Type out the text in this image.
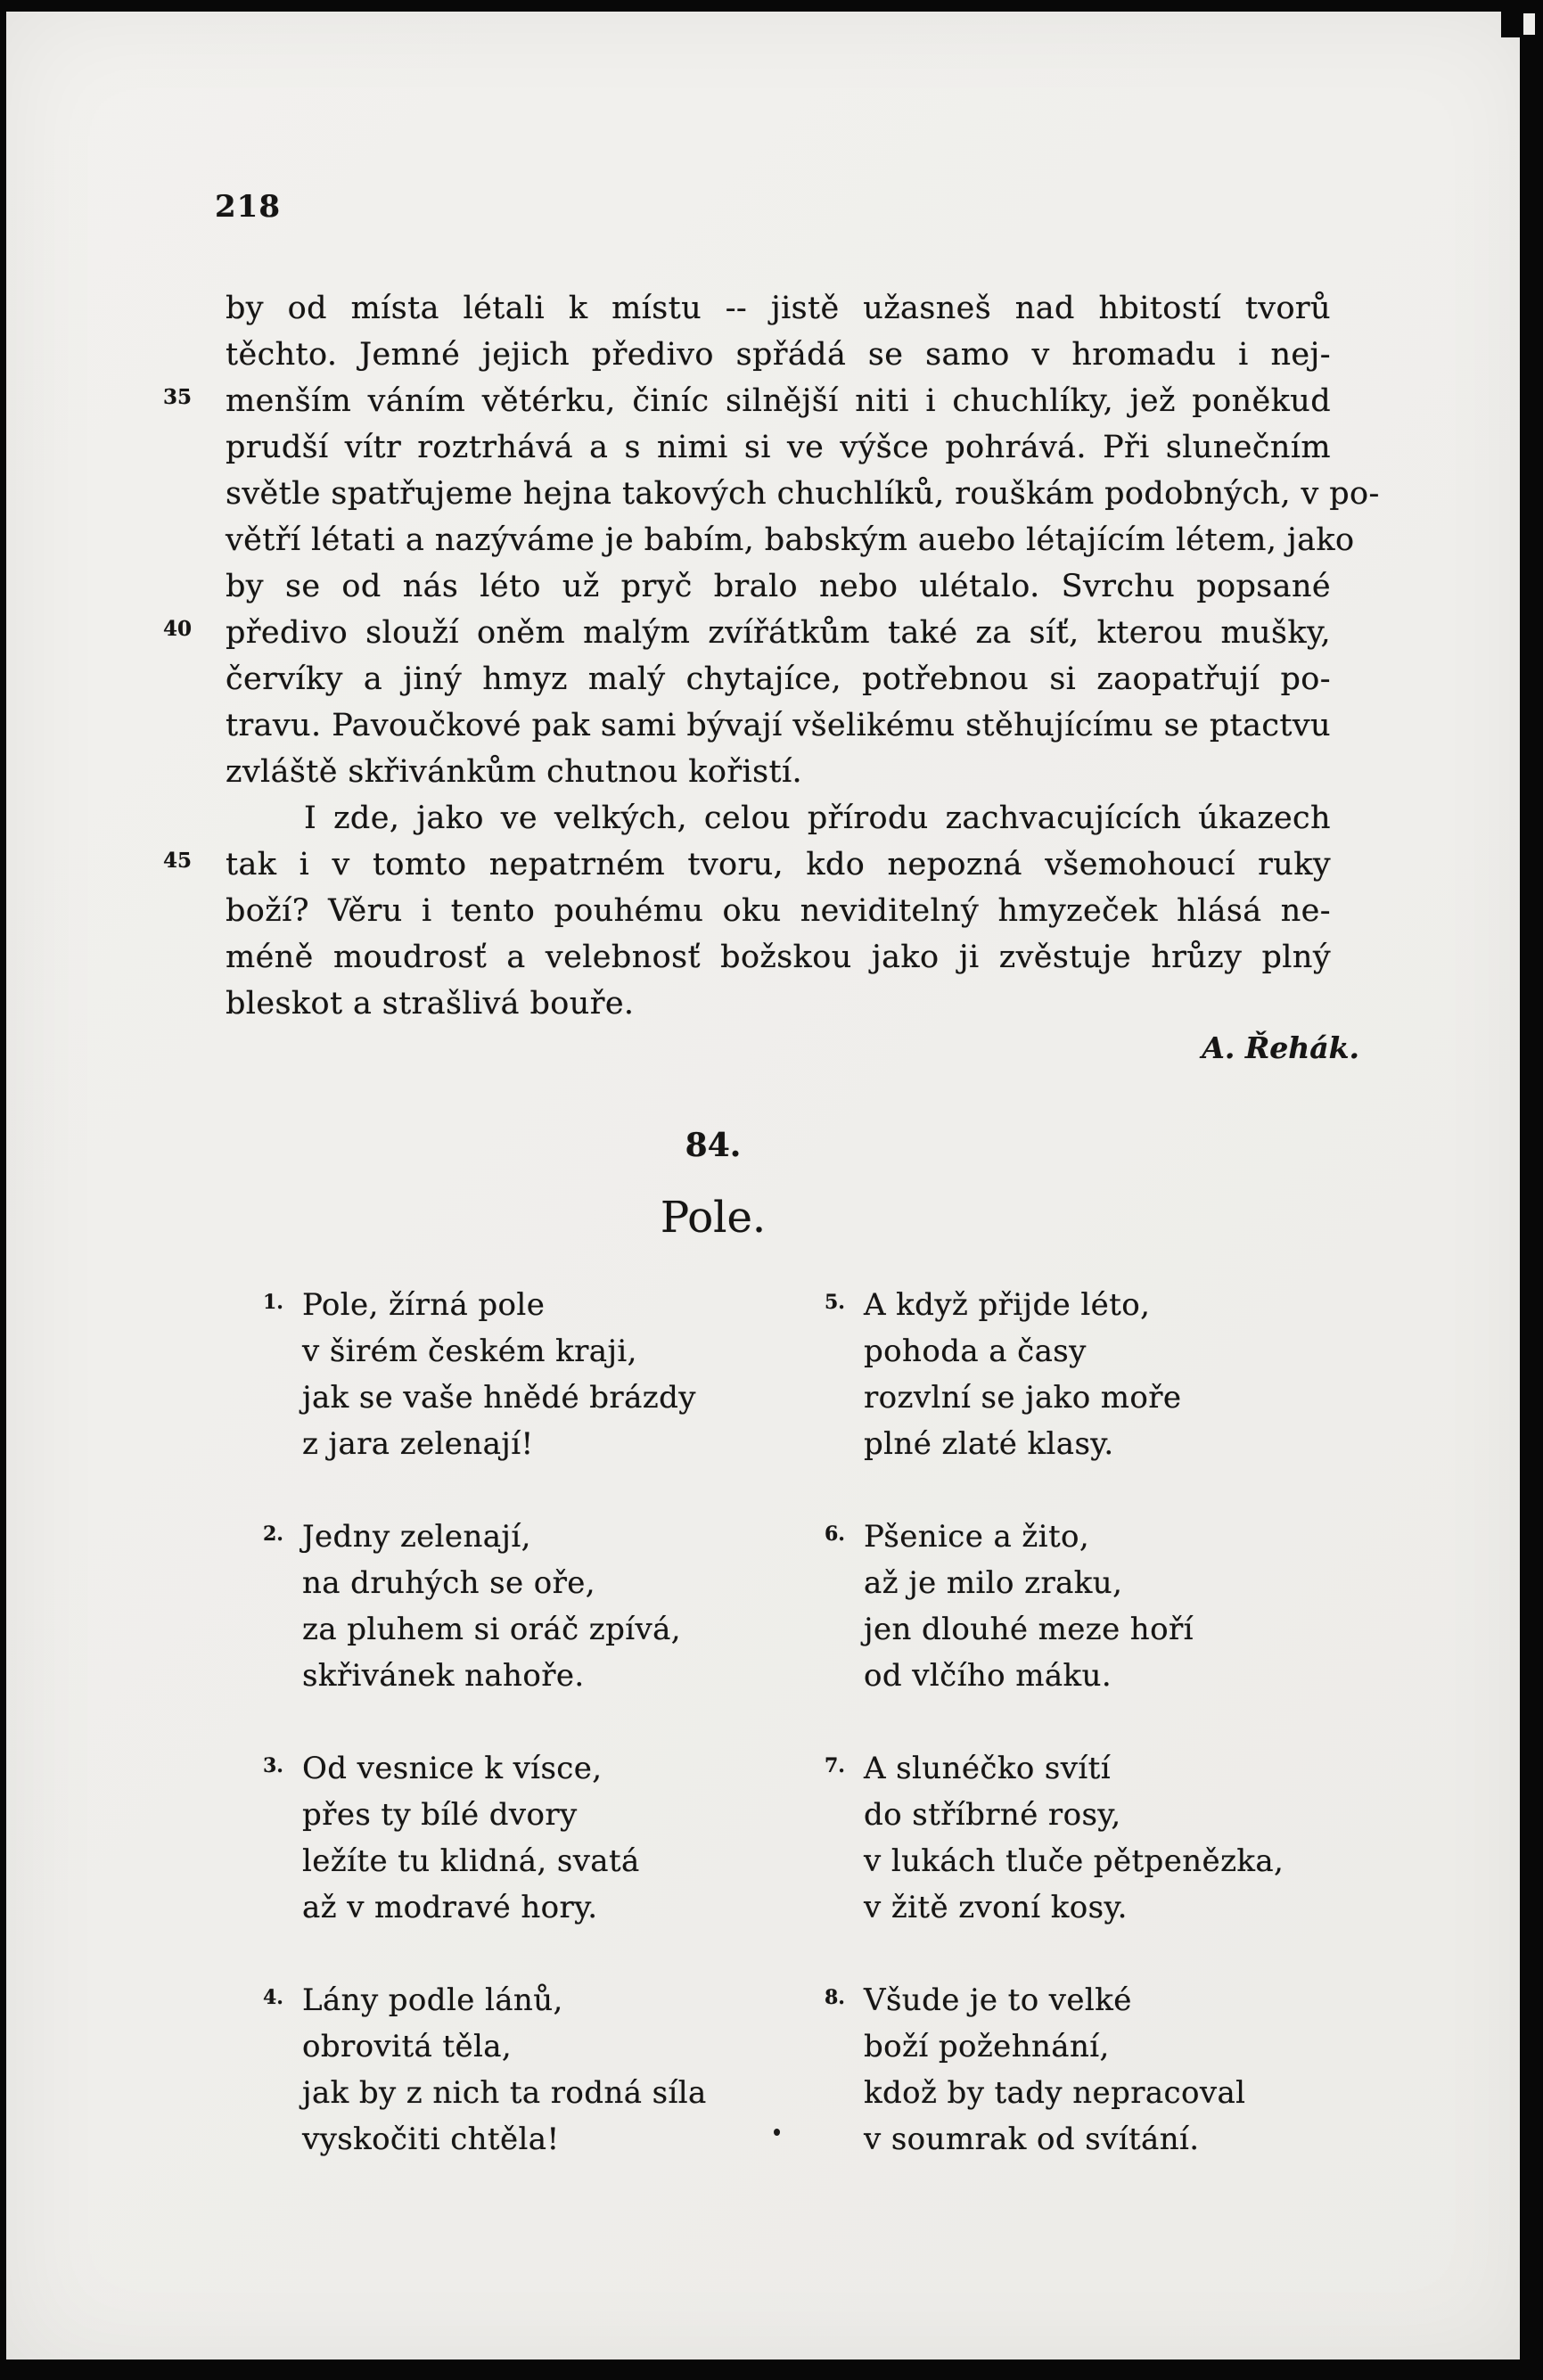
218
by od místa létali k místu -- jistě užasneš nad hbitostí tvorů
těchto. Jemné jejich předivo spřádá se samo v hromadu i nej-
35 menším váním větérku, činíc silnější niti i chuchlíky, jež poněkud
prudší vítr roztrhává a s nimi si ve výšce pohrává. Při slunečním
světle spatřujeme hejna takových chuchlíků, rouškám podobných, v po-
větří létati a nazýváme je babím, babským auebo létajícím létem, jako
by se od nás léto už pryč bralo nebo ulétalo. Svrchu popsané
40 předivo slouží oněm malým zvířátkům také za síť, kterou mušky,
červíky a jiný hmyz malý chytajíce, potřebnou si zaopatřují po-
travu. Pavoučkové pak sami bývají všelikému stěhujícímu se ptactvu
zvláště skřivánkům chutnou kořistí.
I zde, jako ve velkých, celou přírodu zachvacujících úkazech
45 tak i v tomto nepatrném tvoru, kdo nepozná všemohoucí ruky
boží? Věru i tento pouhému oku neviditelný hmyzeček hlásá ne-
méně moudrosť a velebnosť božskou jako ji zvěstuje hrůzy plný
bleskot a strašlivá bouře.
A. Řehák.
84.
Pole.
1. Pole, žírná pole
v širém českém kraji,
jak se vaše hnědé brázdy
z jara zelenají!
2. Jedny zelenají,
na druhých se oře,
za pluhem si oráč zpívá,
skřivánek nahoře.
3. Od vesnice k vísce,
přes ty bílé dvory
ležíte tu klidná, svatá
až v modravé hory.
4. Lány podle lánů,
obrovitá těla,
jak by z nich ta rodná síla
vyskočiti chtěla!
5. A když přijde léto,
pohoda a časy
rozvlní se jako moře
plné zlaté klasy.
6. Pšenice a žito,
až je milo zraku,
jen dlouhé meze hoří
od vlčího máku.
7. A slunéčko svítí
do stříbrné rosy,
v lukách tluče pětpenězka,
v žitě zvoní kosy.
8. Všude je to velké
boží požehnání,
kdož by tady nepracoval
v soumrak od svítání.
